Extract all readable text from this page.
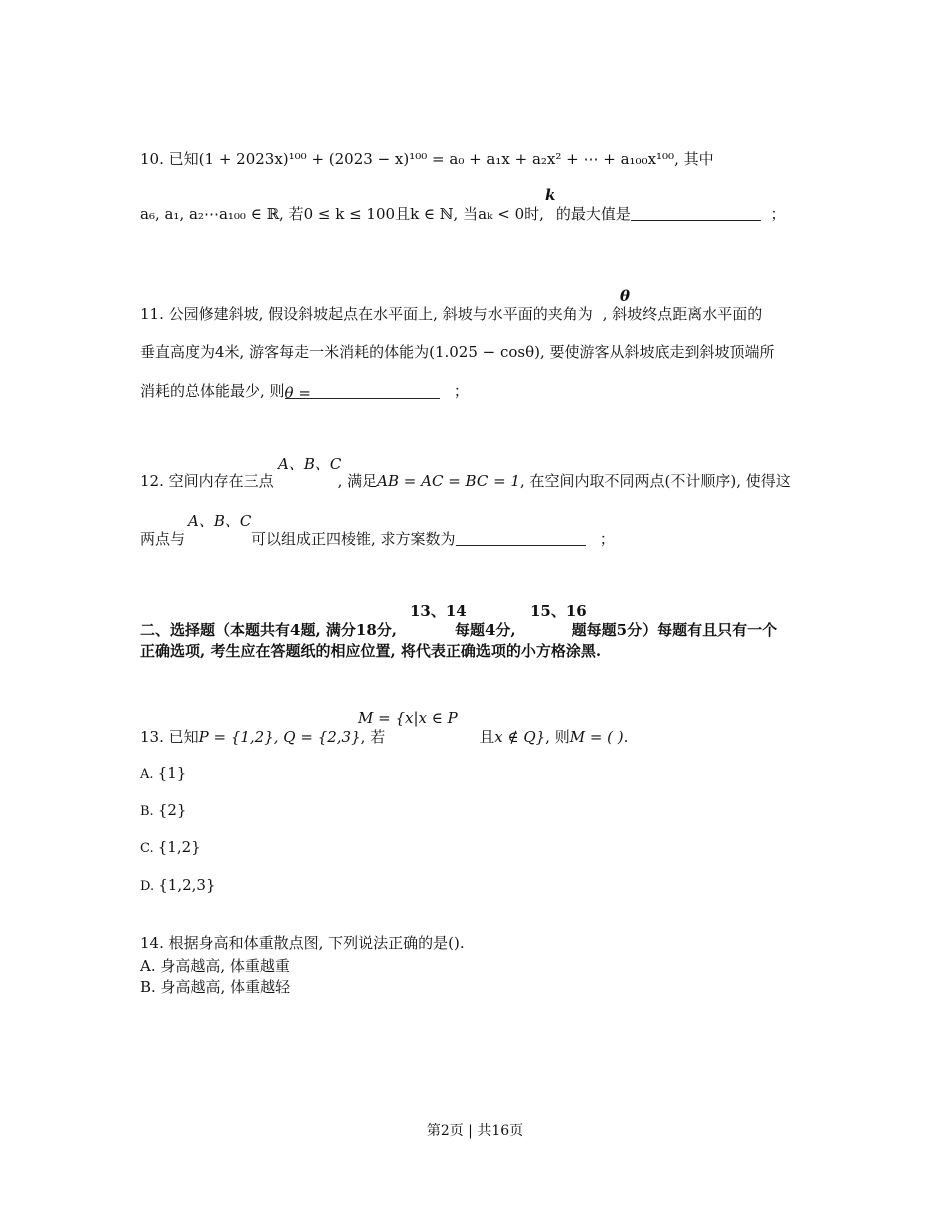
10. 已知(1 + 2023x)¹⁰⁰ + (2023 − x)¹⁰⁰ = a₀ + a₁x + a₂x² + ⋯ + a₁₀₀x¹⁰⁰, 其中
k
a₆, a₁, a₂⋯a₁₀₀ ∈ ℝ, 若0 ≤ k ≤ 100且k ∈ ℕ, 当aₖ < 0时, 的最大值是	；
θ
11. 公园修建斜坡, 假设斜坡起点在水平面上, 斜坡与水平面的夹角为 , 斜坡终点距离水平面的
垂直高度为4米, 游客每走一米消耗的体能为(1.025 − cosθ), 要使游客从斜坡底走到斜坡顶端所
消耗的总体能最少, 则θ =	；
A、B、C
12. 空间内存在三点	, 满足AB = AC = BC = 1, 在空间内取不同两点(不计顺序), 使得这
A、B、C
两点与	可以组成正四棱锥, 求方案数为	；
13、14	15、16
二、选择题（本题共有4题, 满分18分,	每题4分,	题每题5分）每题有且只有一个
正确选项, 考生应在答题纸的相应位置, 将代表正确选项的小方格涂黑.
M = {x|x ∈ P
13. 已知P = {1,2}, Q = {2,3}, 若	且x ∉ Q}, 则M = ( ).
A. {1}
B. {2}
C. {1,2}
D. {1,2,3}
14. 根据身高和体重散点图, 下列说法正确的是().
A. 身高越高, 体重越重
B. 身高越高, 体重越轻
第2页 | 共16页
